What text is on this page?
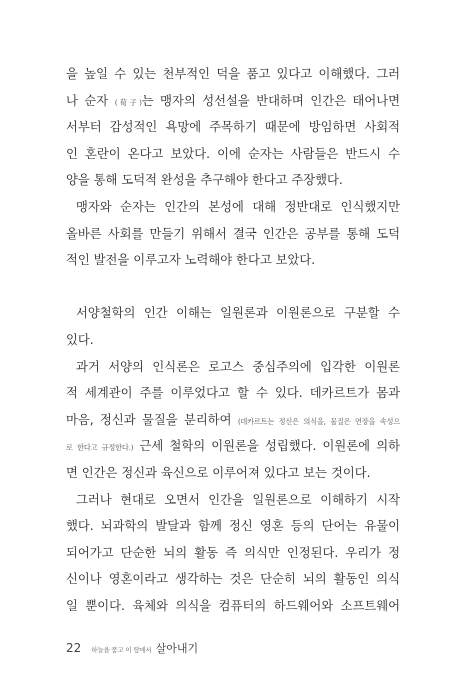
을 높일 수 있는 천부적인 덕을 품고 있다고 이해했다. 그러
나 순자 (荀子)는 맹자의 성선설을 반대하며 인간은 태어나면
서부터 감성적인 욕망에 주목하기 때문에 방임하면 사회적
인 혼란이 온다고 보았다. 이에 순자는 사람들은 반드시 수
양을 통해 도덕적 완성을 추구해야 한다고 주장했다.
맹자와 순자는 인간의 본성에 대해 정반대로 인식했지만
올바른 사회를 만들기 위해서 결국 인간은 공부를 통해 도덕
적인 발전을 이루고자 노력해야 한다고 보았다.
서양철학의 인간 이해는 일원론과 이원론으로 구분할 수
있다.
과거 서양의 인식론은 로고스 중심주의에 입각한 이원론
적 세계관이 주를 이루었다고 할 수 있다. 데카르트가 몸과
마음, 정신과 물질을 분리하여 (데카르트는 정신은 의식을, 물질은 연장을 속성으
로 한다고 규정한다.) 근세 철학의 이원론을 성립했다. 이원론에 의하
면 인간은 정신과 육신으로 이루어져 있다고 보는 것이다.
그러나 현대로 오면서 인간을 일원론으로 이해하기 시작
했다. 뇌과학의 발달과 함께 정신 영혼 등의 단어는 유물이
되어가고 단순한 뇌의 활동 즉 의식만 인정된다. 우리가 정
신이나 영혼이라고 생각하는 것은 단순히 뇌의 활동인 의식
일 뿐이다. 육체와 의식을 컴퓨터의 하드웨어와 소프트웨어
22 하늘을 품고 이 땅에서 살아내기
